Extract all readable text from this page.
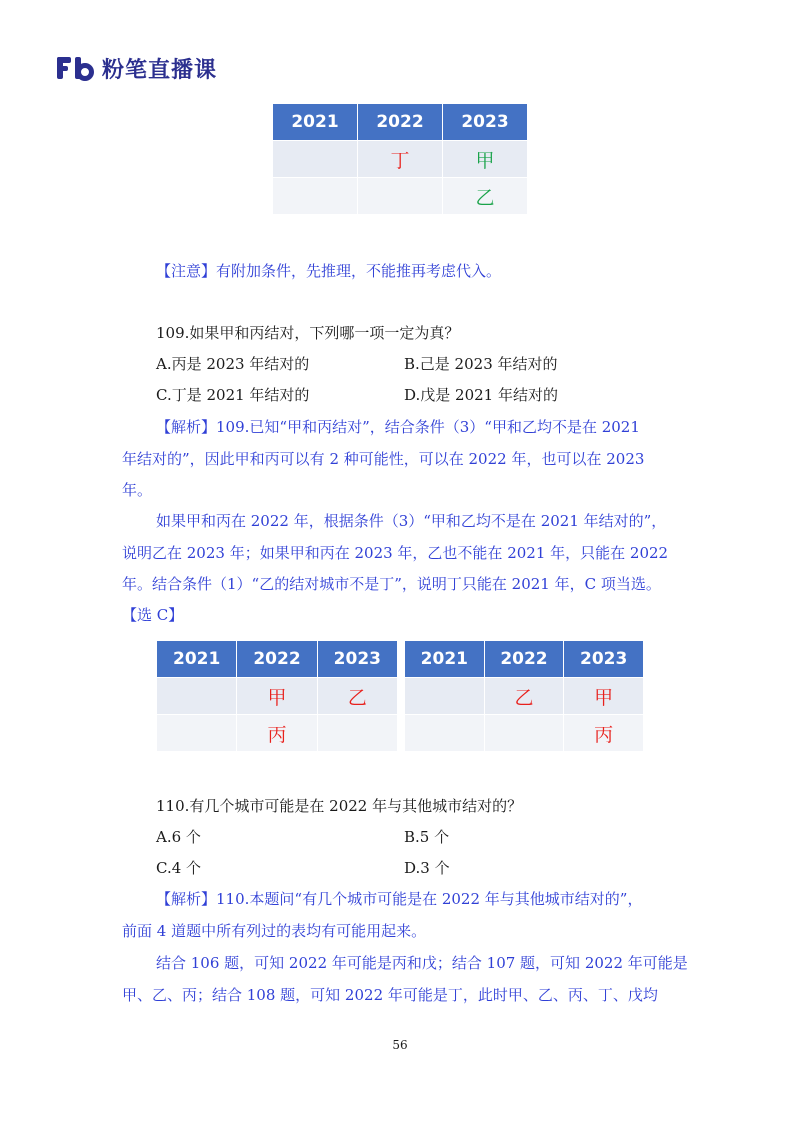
粉笔直播课
2021	2022	2023
	丁	甲
		乙
【注意】有附加条件，先推理，不能推再考虑代入。
109.如果甲和丙结对，下列哪一项一定为真？
A.丙是 2023 年结对的	B.己是 2023 年结对的
C.丁是 2021 年结对的	D.戊是 2021 年结对的
【解析】109.已知“甲和丙结对”，结合条件（3）“甲和乙均不是在 2021
年结对的”，因此甲和丙可以有 2 种可能性，可以在 2022 年，也可以在 2023
年。
如果甲和丙在 2022 年，根据条件（3）“甲和乙均不是在 2021 年结对的”，
说明乙在 2023 年；如果甲和丙在 2023 年，乙也不能在 2021 年，只能在 2022
年。结合条件（1）“乙的结对城市不是丁”，说明丁只能在 2021 年，C 项当选。
【选 C】
2021	2022	2023
	甲	乙
	丙	
2021	2022	2023
	乙	甲
		丙
110.有几个城市可能是在 2022 年与其他城市结对的？
A.6 个	B.5 个
C.4 个	D.3 个
【解析】110.本题问“有几个城市可能是在 2022 年与其他城市结对的”，
前面 4 道题中所有列过的表均有可能用起来。
结合 106 题，可知 2022 年可能是丙和戊；结合 107 题，可知 2022 年可能是
甲、乙、丙；结合 108 题，可知 2022 年可能是丁，此时甲、乙、丙、丁、戊均
56
